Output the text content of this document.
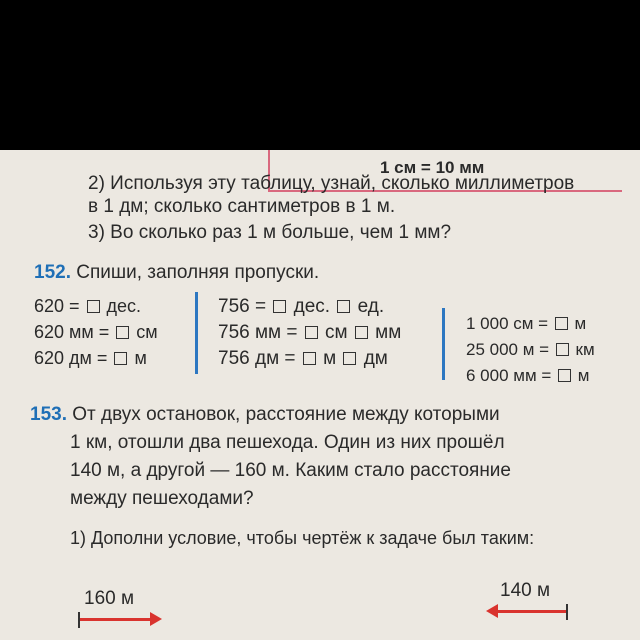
1 см = 10 мм
2) Используя эту таблицу, узнай, сколько миллиметров
в 1 дм; сколько сантиметров в 1 м.
3) Во сколько раз 1 м больше, чем 1 мм?
152. Спиши, заполняя пропуски.
620 =  дес.
620 мм =  см
620 дм =  м
756 =  дес.  ед.
756 мм =  см  мм
756 дм =  м  дм
1 000 см =  м
25 000 м =  км
6 000 мм =  м
153. От двух остановок, расстояние между которыми
1 км, отошли два пешехода. Один из них прошёл
140 м, а другой — 160 м. Каким стало расстояние
между пешеходами?
1) Дополни условие, чтобы чертёж к задаче был таким:
160 м	140 м
